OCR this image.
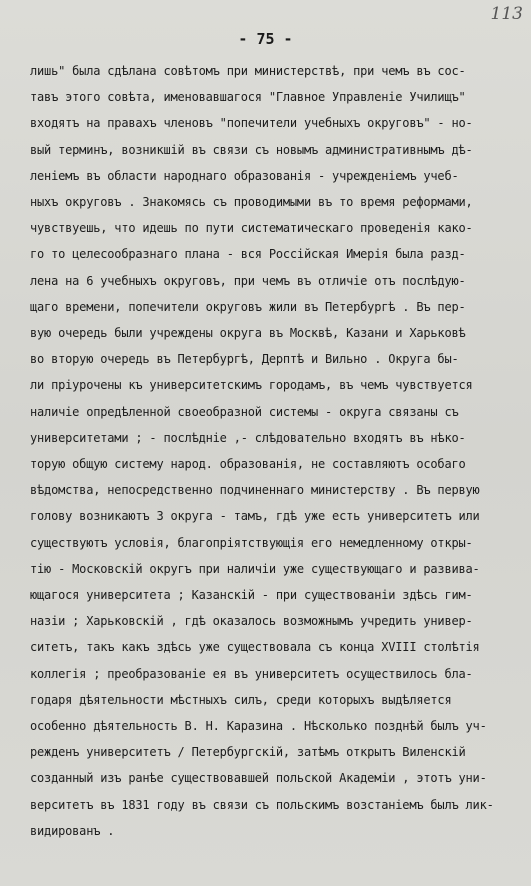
113
- 75 -
лишь" была сдѣлана совѣтомъ при министерствѣ, при чемъ въ сос-
тавъ этого совѣта, именовавшагося "Главное Управленіе Училищъ"
входятъ на правахъ членовъ "попечители учебныхъ округовъ" - но-
вый терминъ, возникшій въ связи съ новымъ административнымъ дѣ-
леніемъ въ области народнаго образованія - учрежденіемъ учеб-
ныхъ округовъ . Знакомясь съ проводимыми въ то время реформами,
чувствуешь, что идешь по пути систематическаго проведенія како-
го то целесообразнаго плана - вся Россійская Имерія была разд-
лена на 6 учебныхъ округовъ, при чемъ въ отличіе отъ послѣдую-
щаго времени, попечители округовъ жили въ Петербургѣ . Въ пер-
вую очередь были учреждены округа въ Москвѣ, Казани и Харьковѣ
во вторую очередь въ Петербургѣ, Дерптѣ и Вильно . Округа бы-
ли пріурочены къ университетскимъ городамъ, въ чемъ чувствуется
наличіе опредѣленной своеобразной системы - округа связаны съ
университетами ; - послѣдніе ,- слѣдовательно входятъ въ нѣко-
торую общую систему народ. образованія, не составляютъ особаго
вѣдомства, непосредственно подчиненнаго министерству . Въ первую
голову возникаютъ 3 округа - тамъ, гдѣ уже есть университетъ или
существуютъ условія, благопріятствующія его немедленному откры-
тію - Московскій округъ при наличіи уже существующаго и развива-
ющагося университета ; Казанскій - при существованіи здѣсь гим-
назіи ; Харьковскій , гдѣ оказалось возможнымъ учредить универ-
ситетъ, такъ какъ здѣсь уже существовала съ конца XVIII столѣтія
коллегія ; преобразованіе ея въ университетъ осуществилось бла-
годаря дѣятельности мѣстныхъ силъ, среди которыхъ выдѣляется
особенно дѣятельность В. Н. Каразина . Нѣсколько позднѣй былъ уч-
режденъ университетъ / Петербургскій, затѣмъ открытъ Виленскій
созданный изъ ранѣе существовавшей польской Академіи , этотъ уни-
верситетъ въ 1831 году въ связи съ польскимъ возстаніемъ былъ лик-
видированъ .
